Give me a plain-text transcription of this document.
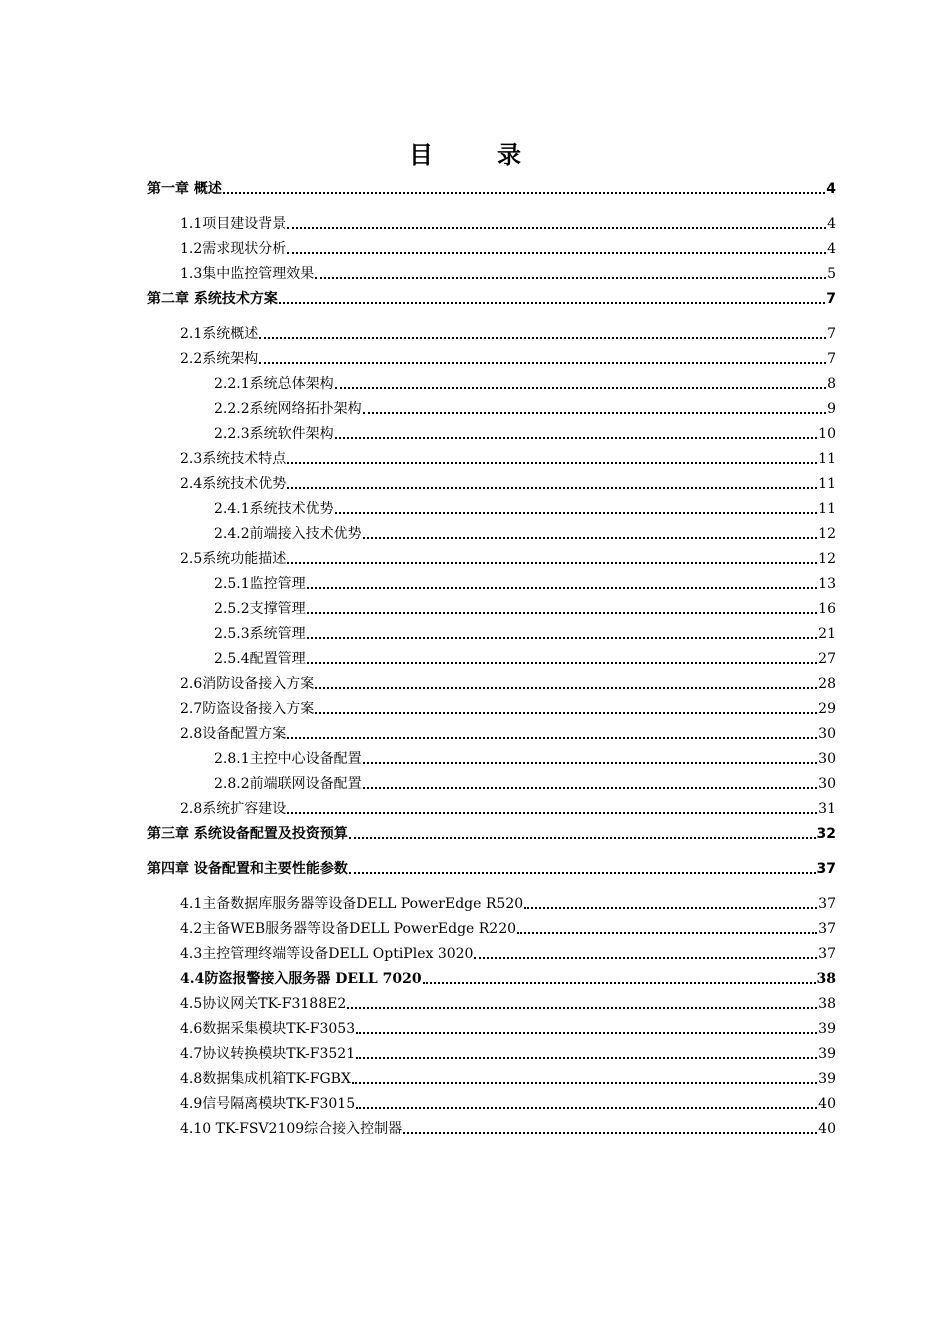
目　录
第一章 概述	4
1.1项目建设背景	4
1.2需求现状分析	4
1.3集中监控管理效果	5
第二章 系统技术方案	7
2.1系统概述	7
2.2系统架构	7
2.2.1系统总体架构	8
2.2.2系统网络拓扑架构	9
2.2.3系统软件架构	10
2.3系统技术特点	11
2.4系统技术优势	11
2.4.1系统技术优势	11
2.4.2前端接入技术优势	12
2.5系统功能描述	12
2.5.1监控管理	13
2.5.2支撑管理	16
2.5.3系统管理	21
2.5.4配置管理	27
2.6消防设备接入方案	28
2.7防盗设备接入方案	29
2.8设备配置方案	30
2.8.1主控中心设备配置	30
2.8.2前端联网设备配置	30
2.8系统扩容建设	31
第三章 系统设备配置及投资预算	32
第四章 设备配置和主要性能参数	37
4.1主备数据库服务器等设备DELL PowerEdge R520	37
4.2主备WEB服务器等设备DELL PowerEdge R220	37
4.3主控管理终端等设备DELL OptiPlex 3020	37
4.4防盗报警接入服务器 DELL 7020	38
4.5协议网关TK-F3188E2	38
4.6数据采集模块TK-F3053	39
4.7协议转换模块TK-F3521	39
4.8数据集成机箱TK-FGBX	39
4.9信号隔离模块TK-F3015	40
4.10 TK-FSV2109综合接入控制器	40
